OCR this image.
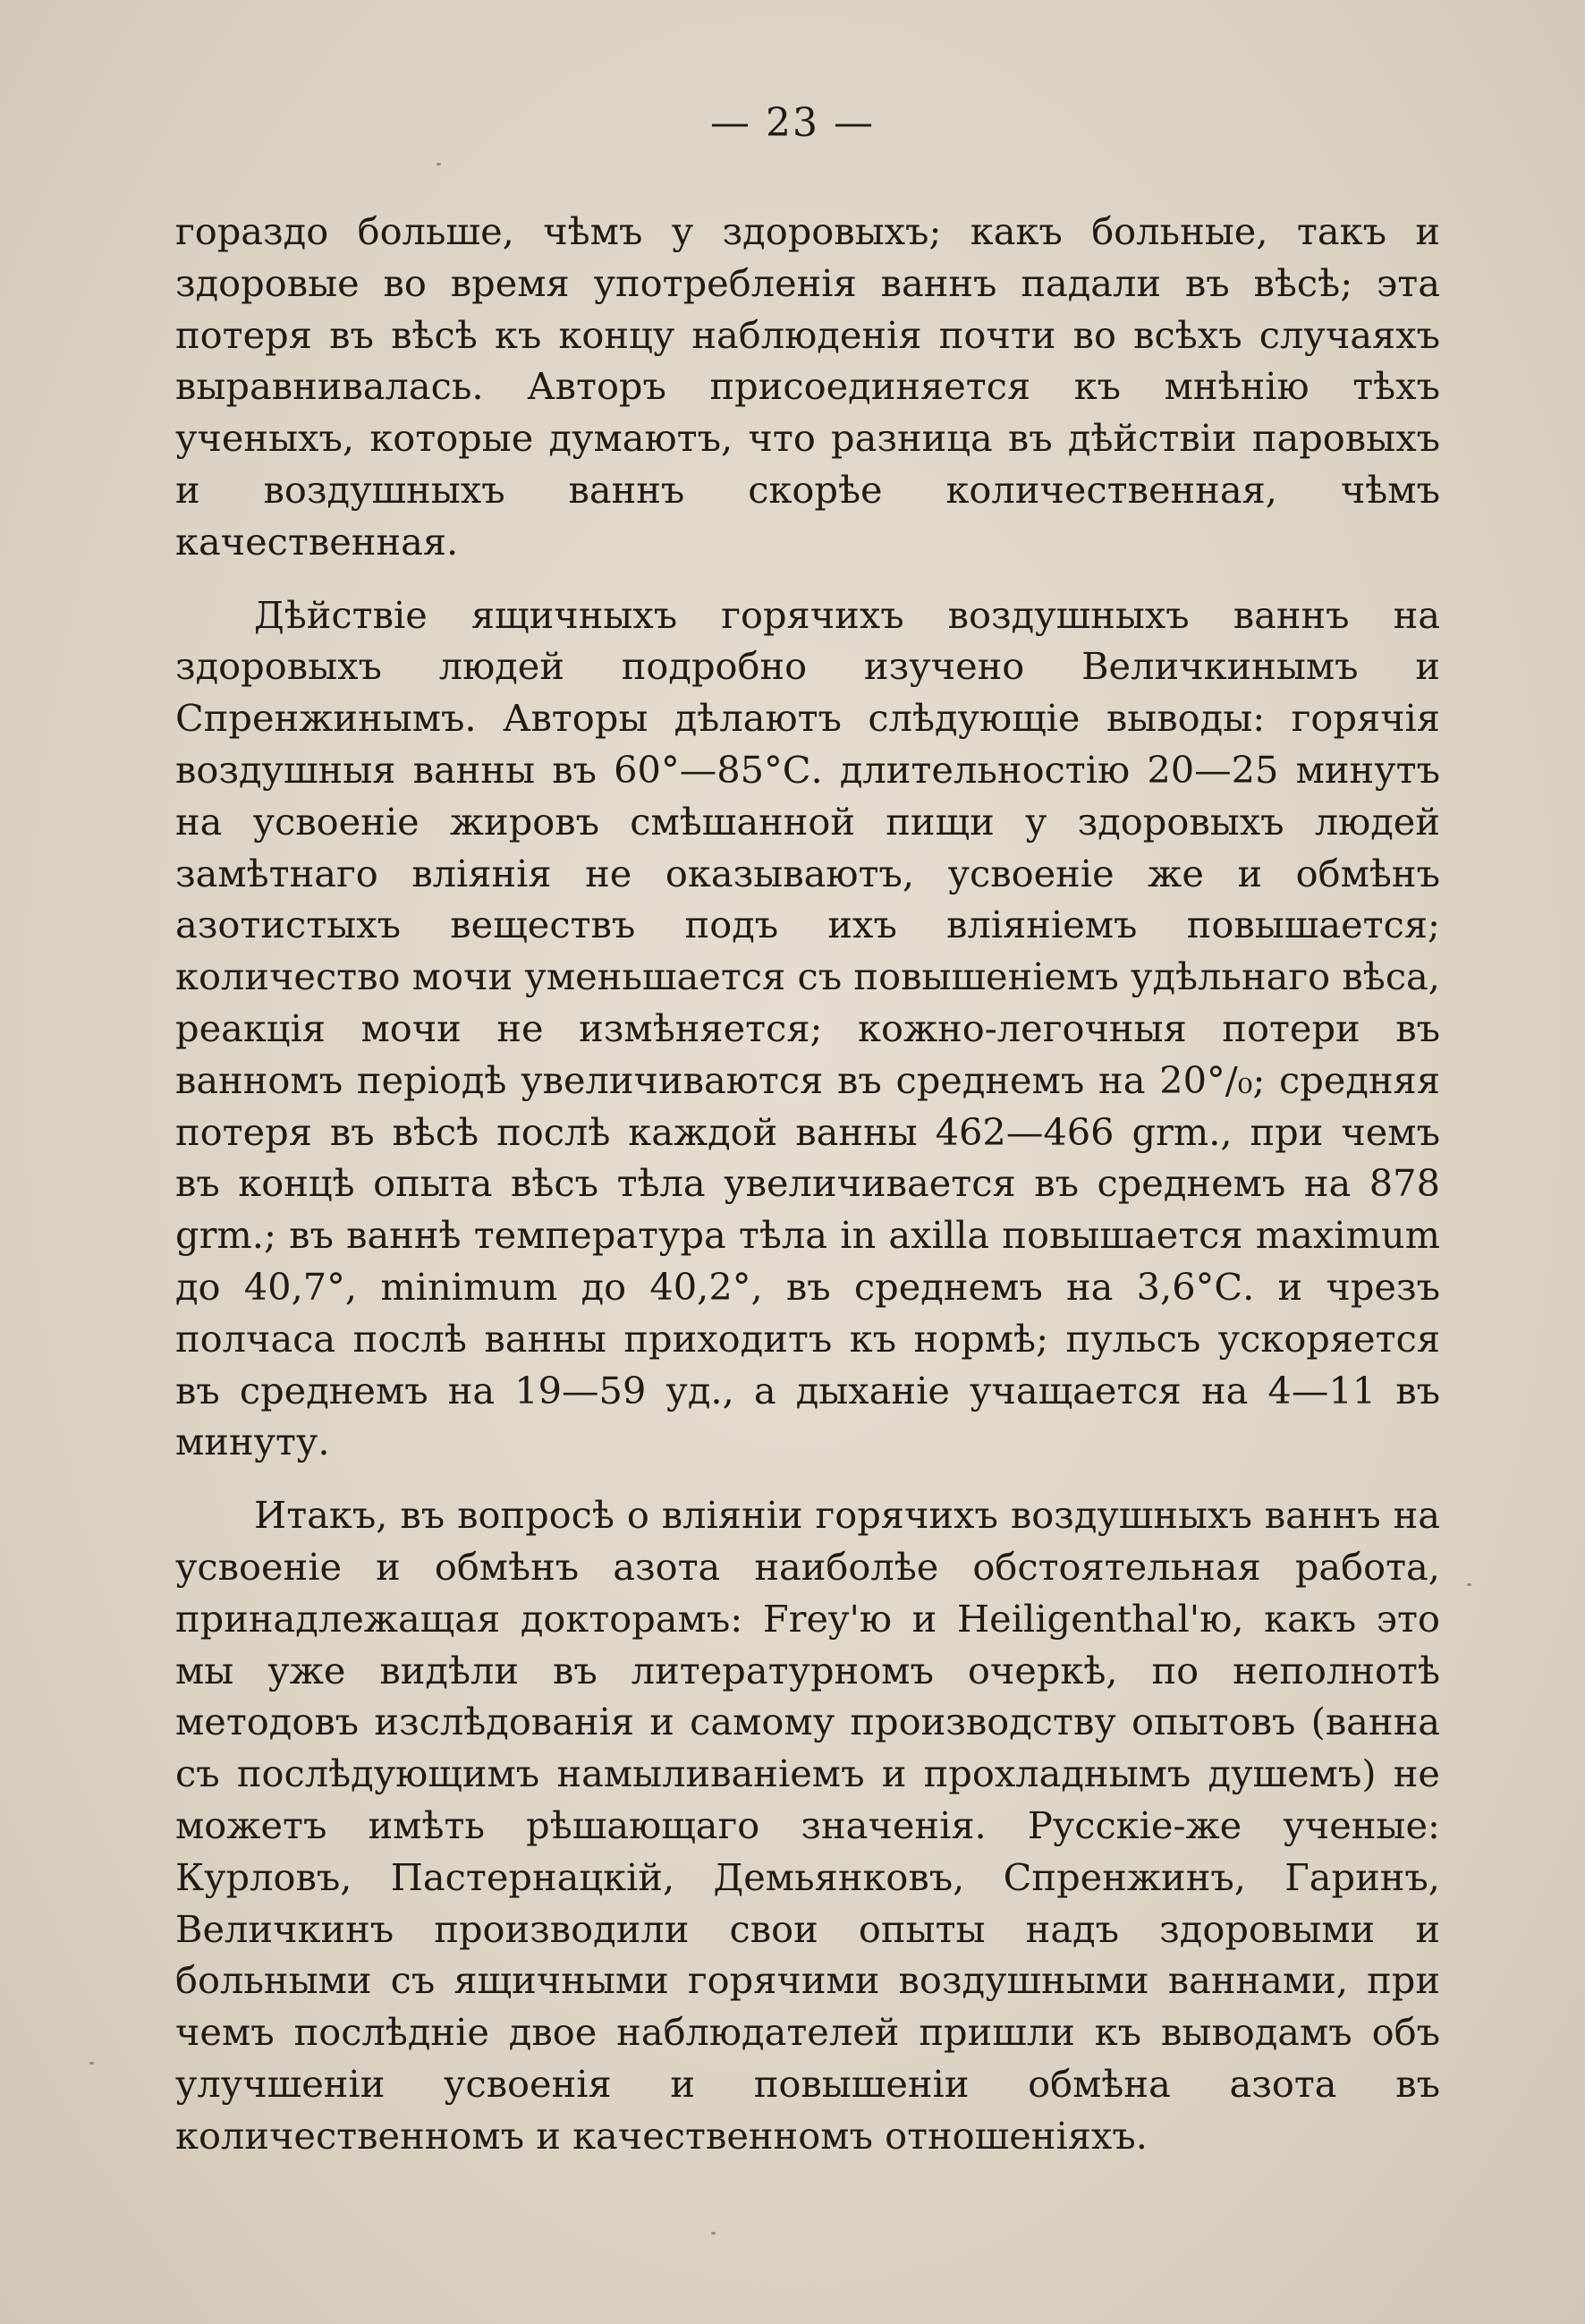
— 23 —

гораздо больше, чѣмъ у здоровыхъ; какъ больные, такъ и здоровые во время употребленія ваннъ падали въ вѣсѣ; эта потеря въ вѣсѣ къ концу наблюденія почти во всѣхъ случаяхъ выравнивалась. Авторъ присоединяется къ мнѣнію тѣхъ ученыхъ, которые думаютъ, что разница въ дѣйствіи паровыхъ и воздушныхъ ваннъ скорѣе количественная, чѣмъ качественная.

Дѣйствіе ящичныхъ горячихъ воздушныхъ ваннъ на здоровыхъ людей подробно изучено Величкинымъ и Спренжинымъ. Авторы дѣлаютъ слѣдующіе выводы: горячія воздушныя ванны въ 60°—85°С. длительностію 20—25 минутъ на усвоеніе жировъ смѣшанной пищи у здоровыхъ людей замѣтнаго вліянія не оказываютъ, усвоеніе же и обмѣнъ азотистыхъ веществъ подъ ихъ вліяніемъ повышается; количество мочи уменьшается съ повышеніемъ удѣльнаго вѣса, реакція мочи не измѣняется; кожно-легочныя потери въ ванномъ періодѣ увеличиваются въ среднемъ на 20°/₀; средняя потеря въ вѣсѣ послѣ каждой ванны 462—466 grm., при чемъ въ концѣ опыта вѣсъ тѣла увеличивается въ среднемъ на 878 grm.; въ ваннѣ температура тѣла in axilla повышается maximum до 40,7°, minimum до 40,2°, въ среднемъ на 3,6°С. и чрезъ полчаса послѣ ванны приходитъ къ нормѣ; пульсъ ускоряется въ среднемъ на 19—59 уд., а дыханіе учащается на 4—11 въ минуту.

Итакъ, въ вопросѣ о вліяніи горячихъ воздушныхъ ваннъ на усвоеніе и обмѣнъ азота наиболѣе обстоятельная работа, принадлежащая докторамъ: Frey'ю и Heiligenthal'ю, какъ это мы уже видѣли въ литературномъ очеркѣ, по неполнотѣ методовъ изслѣдованія и самому производству опытовъ (ванна съ послѣдующимъ намыливаніемъ и прохладнымъ душемъ) не можетъ имѣть рѣшающаго значенія. Русскіе-же ученые: Курловъ, Пастернацкій, Демьянковъ, Спренжинъ, Гаринъ, Величкинъ производили свои опыты надъ здоровыми и больными съ ящичными горячими воздушными ваннами, при чемъ послѣдніе двое наблюдателей пришли къ выводамъ объ улучшеніи усвоенія и повышеніи обмѣна азота въ количественномъ и качественномъ отношеніяхъ.
